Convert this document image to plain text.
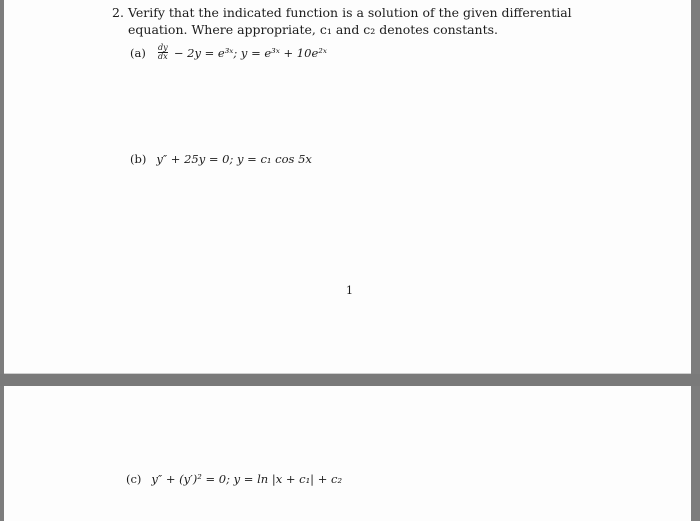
2. Verify that the indicated function is a solution of the given differential equation. Where appropriate, c₁ and c₂ denotes constants.
$(a) \frac{dy}{dx} - 2y$ = e³ˣ; y = e³ˣ + 10e²ˣ
(b) y″ + 25y = 0; y = c₁ cos 5x
1
(c) y″ + (y′)² = 0; y = ln |x + c₁| + c₂
